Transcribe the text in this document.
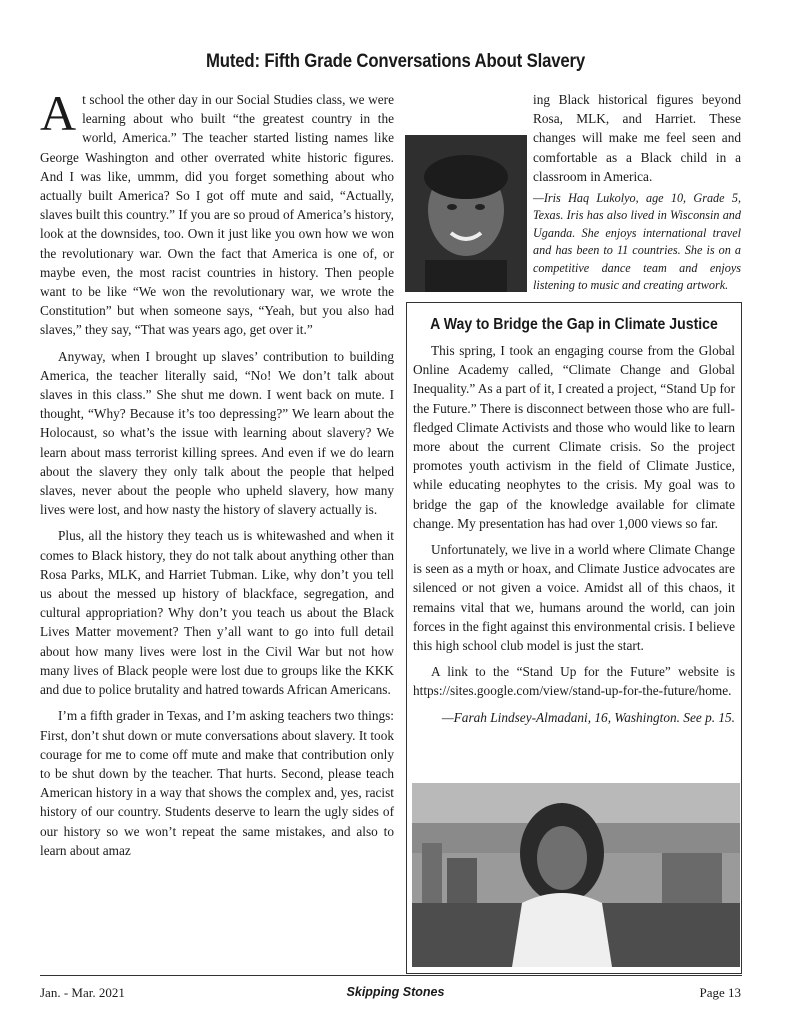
Muted: Fifth Grade Conversations About Slavery

At school the other day in our Social Studies class, we were learning about who built “the greatest country in the world, America.” The teacher started listing names like George Washington and other overrated white historic figures. And I was like, ummm, did you forget something about who actually built America? So I got off mute and said, “Actually, slaves built this country.” If you are so proud of America’s history, look at the downsides, too. Own it just like you own how we won the revolutionary war. Own the fact that America is one of, or maybe even, the most racist countries in history. Then people want to be like “We won the revolutionary war, we wrote the Constitution” but when someone says, “Yeah, but you also had slaves,” they say, “That was years ago, get over it.”

Anyway, when I brought up slaves’ contribution to building America, the teacher literally said, “No! We don’t talk about slaves in this class.” She shut me down. I went back on mute. I thought, “Why? Because it’s too depressing?” We learn about the Holocaust, so what’s the issue with learning about slavery? We learn about mass terrorist killing sprees. And even if we do learn about the slavery they only talk about the people that helped slaves, never about the people who upheld slavery, how many lives were lost, and how nasty the history of slavery actually is.

Plus, all the history they teach us is whitewashed and when it comes to Black history, they do not talk about anything other than Rosa Parks, MLK, and Harriet Tubman. Like, why don’t you tell us about the messed up history of blackface, segregation, and cultural appropriation? Why don’t you teach us about the Black Lives Matter movement? Then y’all want to go into full detail about how many lives were lost in the Civil War but not how many lives of Black people were lost due to groups like the KKK and due to police brutality and hatred towards African Americans.

I’m a fifth grader in Texas, and I’m asking teachers two things: First, don’t shut down or mute conversations about slavery. It took courage for me to come off mute and make that contribution only to be shut down by the teacher. That hurts. Second, please teach American history in a way that shows the complex and, yes, racist history of our country. Students deserve to learn the ugly sides of our history so we won’t repeat the same mistakes, and also to learn about amaz

ing Black historical figures beyond Rosa, MLK, and Harriet. These changes will make me feel seen and comfortable as a Black child in a classroom in America.
—Iris Haq Lukolyo, age 10, Grade 5, Texas. Iris has also lived in Wisconsin and Uganda. She enjoys international travel and has been to 11 countries. She is on a competitive dance team and enjoys listening to music and creating artwork.
A Way to Bridge the Gap in Climate Justice

This spring, I took an engaging course from the Global Online Academy called, “Climate Change and Global Inequality.” As a part of it, I created a project, “Stand Up for the Future.” There is disconnect between those who are full-fledged Climate Activists and those who would like to learn more about the current Climate crisis. So the project promotes youth activism in the field of Climate Justice, while educating neophytes to the crisis. My goal was to bridge the gap of the knowledge available for climate change. My presentation has had over 1,000 views so far.

Unfortunately, we live in a world where Climate Change is seen as a myth or hoax, and Climate Justice advocates are silenced or not given a voice. Amidst all of this chaos, it remains vital that we, humans around the world, can join forces in the fight against this environmental crisis. I believe this high school club model is just the start.

A link to the “Stand Up for the Future” website is https://sites.google.com/view/stand-up-for-the-future/home.

—Farah Lindsey-Almadani, 16, Washington. See p. 15.

Jan. - Mar. 2021	Skipping Stones	Page 13
